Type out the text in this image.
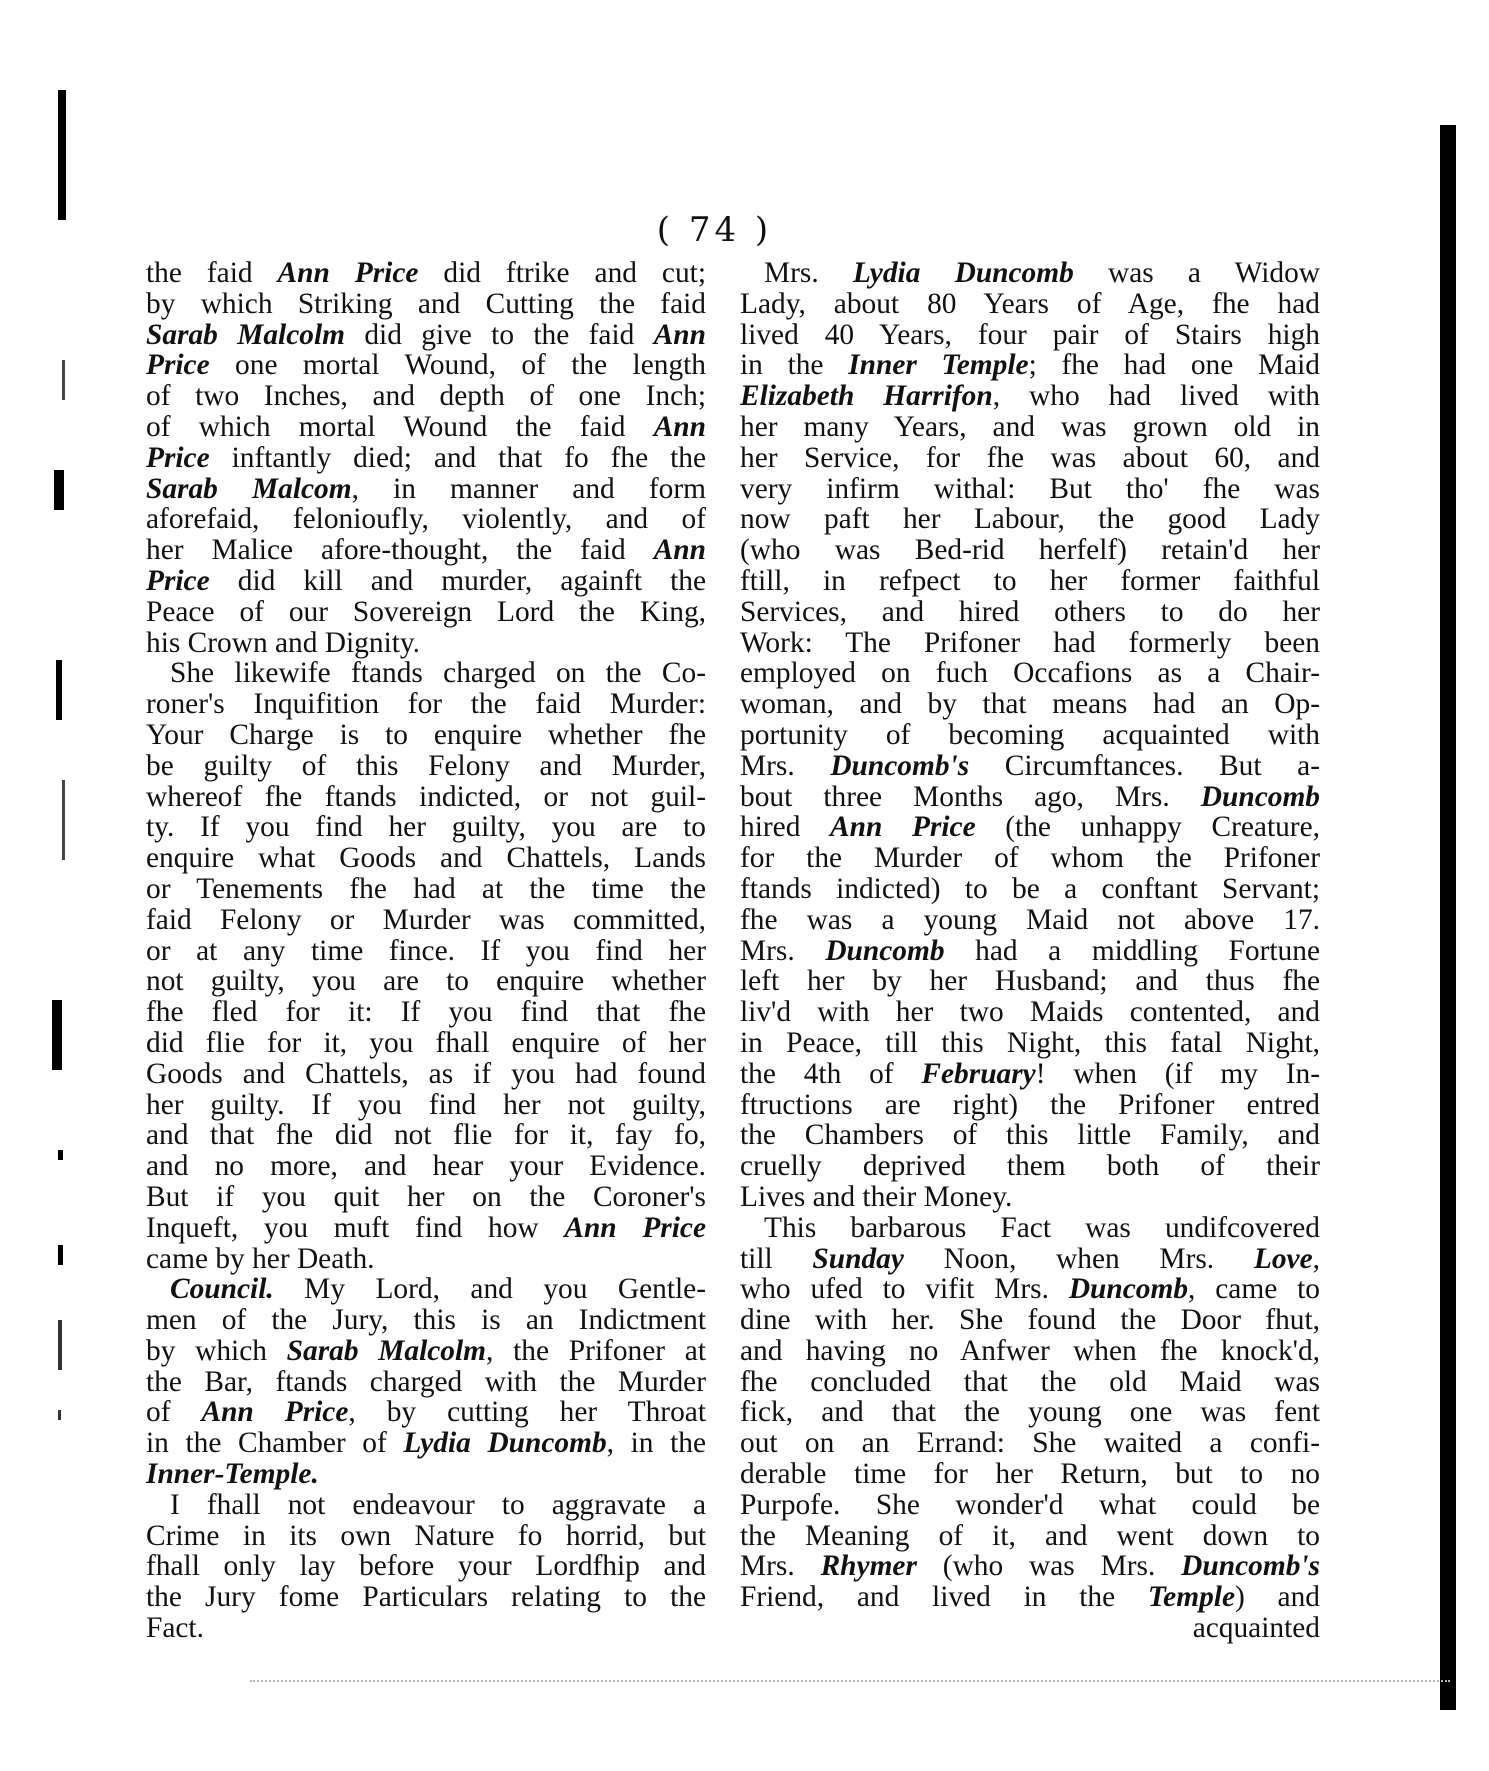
( 74 )
the faid Ann Price did ftrike and cut;
by which Striking and Cutting the faid
Sarab Malcolm did give to the faid Ann
Price one mortal Wound, of the length
of two Inches, and depth of one Inch;
of which mortal Wound the faid Ann
Price inftantly died; and that fo fhe the
Sarab Malcom, in manner and form
aforefaid, felonioufly, violently, and of
her Malice afore-thought, the faid Ann
Price did kill and murder, againft the
Peace of our Sovereign Lord the King,
his Crown and Dignity.
She likewife ftands charged on the Co-
roner's Inquifition for the faid Murder:
Your Charge is to enquire whether fhe
be guilty of this Felony and Murder,
whereof fhe ftands indicted, or not guil-
ty. If you find her guilty, you are to
enquire what Goods and Chattels, Lands
or Tenements fhe had at the time the
faid Felony or Murder was committed,
or at any time fince. If you find her
not guilty, you are to enquire whether
fhe fled for it: If you find that fhe
did flie for it, you fhall enquire of her
Goods and Chattels, as if you had found
her guilty. If you find her not guilty,
and that fhe did not flie for it, fay fo,
and no more, and hear your Evidence.
But if you quit her on the Coroner's
Inqueft, you muft find how Ann Price
came by her Death.
Council. My Lord, and you Gentle-
men of the Jury, this is an Indictment
by which Sarab Malcolm, the Prifoner at
the Bar, ftands charged with the Murder
of Ann Price, by cutting her Throat
in the Chamber of Lydia Duncomb, in the
Inner-Temple.
I fhall not endeavour to aggravate a
Crime in its own Nature fo horrid, but
fhall only lay before your Lordfhip and
the Jury fome Particulars relating to the
Fact.
Mrs. Lydia Duncomb was a Widow
Lady, about 80 Years of Age, fhe had
lived 40 Years, four pair of Stairs high
in the Inner Temple; fhe had one Maid
Elizabeth Harrifon, who had lived with
her many Years, and was grown old in
her Service, for fhe was about 60, and
very infirm withal: But tho' fhe was
now paft her Labour, the good Lady
(who was Bed-rid herfelf) retain'd her
ftill, in refpect to her former faithful
Services, and hired others to do her
Work: The Prifoner had formerly been
employed on fuch Occafions as a Chair-
woman, and by that means had an Op-
portunity of becoming acquainted with
Mrs. Duncomb's Circumftances. But a-
bout three Months ago, Mrs. Duncomb
hired Ann Price (the unhappy Creature,
for the Murder of whom the Prifoner
ftands indicted) to be a conftant Servant;
fhe was a young Maid not above 17.
Mrs. Duncomb had a middling Fortune
left her by her Husband; and thus fhe
liv'd with her two Maids contented, and
in Peace, till this Night, this fatal Night,
the 4th of February! when (if my In-
ftructions are right) the Prifoner entred
the Chambers of this little Family, and
cruelly deprived them both of their
Lives and their Money.
This barbarous Fact was undifcovered
till Sunday Noon, when Mrs. Love,
who ufed to vifit Mrs. Duncomb, came to
dine with her. She found the Door fhut,
and having no Anfwer when fhe knock'd,
fhe concluded that the old Maid was
fick, and that the young one was fent
out on an Errand: She waited a confi-
derable time for her Return, but to no
Purpofe. She wonder'd what could be
the Meaning of it, and went down to
Mrs. Rhymer (who was Mrs. Duncomb's
Friend, and lived in the Temple) and
acquainted
